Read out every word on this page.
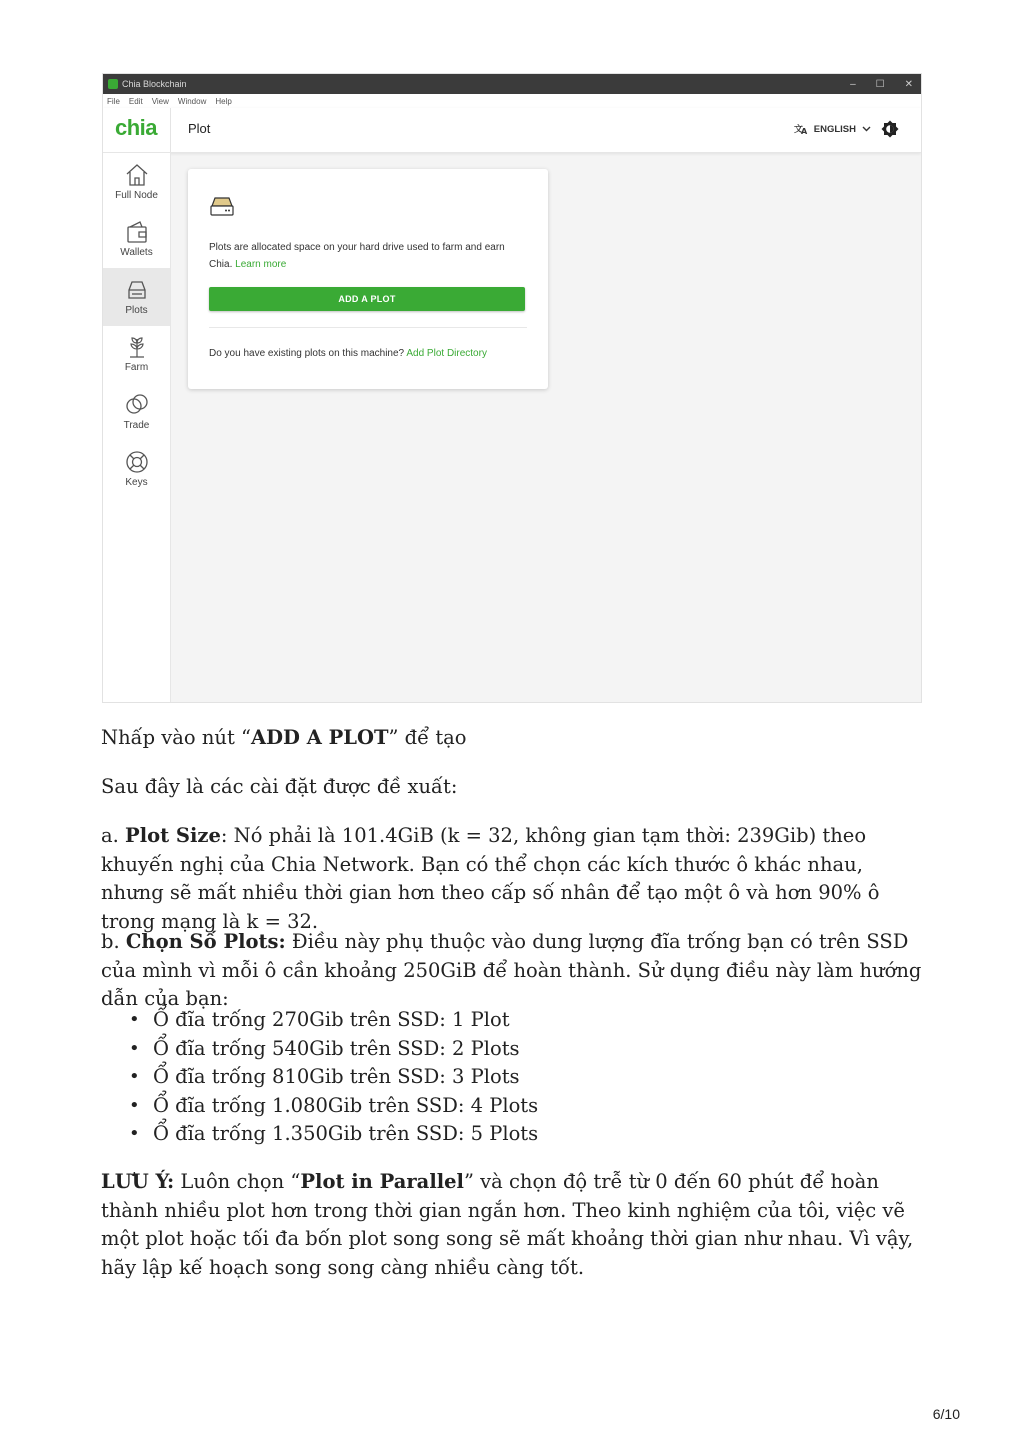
Chia Blockchain	– ☐ ✕
File Edit View Window Help
chia Plot	文
A ENGLISH
Full Node
Wallets
Plots
Farm
Trade
Keys
Plots are allocated space on your hard drive used to farm and earn Chia. Learn more
ADD A PLOT
Do you have existing plots on this machine? Add Plot Directory

Nhấp vào nút “ADD A PLOT” để tạo

Sau đây là các cài đặt được đề xuất:

a. Plot Size: Nó phải là 101.4GiB (k = 32, không gian tạm thời: 239Gib) theo khuyến nghị của Chia Network. Bạn có thể chọn các kích thước ô khác nhau, nhưng sẽ mất nhiều thời gian hơn theo cấp số nhân để tạo một ô và hơn 90% ô trong mạng là k = 32.

b. Chọn Số Plots: Điều này phụ thuộc vào dung lượng đĩa trống bạn có trên SSD của mình vì mỗi ô cần khoảng 250GiB để hoàn thành. Sử dụng điều này làm hướng dẫn của bạn:

• Ổ đĩa trống 270Gib trên SSD: 1 Plot
• Ổ đĩa trống 540Gib trên SSD: 2 Plots
• Ổ đĩa trống 810Gib trên SSD: 3 Plots
• Ổ đĩa trống 1.080Gib trên SSD: 4 Plots
• Ổ đĩa trống 1.350Gib trên SSD: 5 Plots

LƯU Ý: Luôn chọn “Plot in Parallel” và chọn độ trễ từ 0 đến 60 phút để hoàn thành nhiều plot hơn trong thời gian ngắn hơn. Theo kinh nghiệm của tôi, việc vẽ một plot hoặc tối đa bốn plot song song sẽ mất khoảng thời gian như nhau. Vì vậy, hãy lập kế hoạch song song càng nhiều càng tốt.

6/10
